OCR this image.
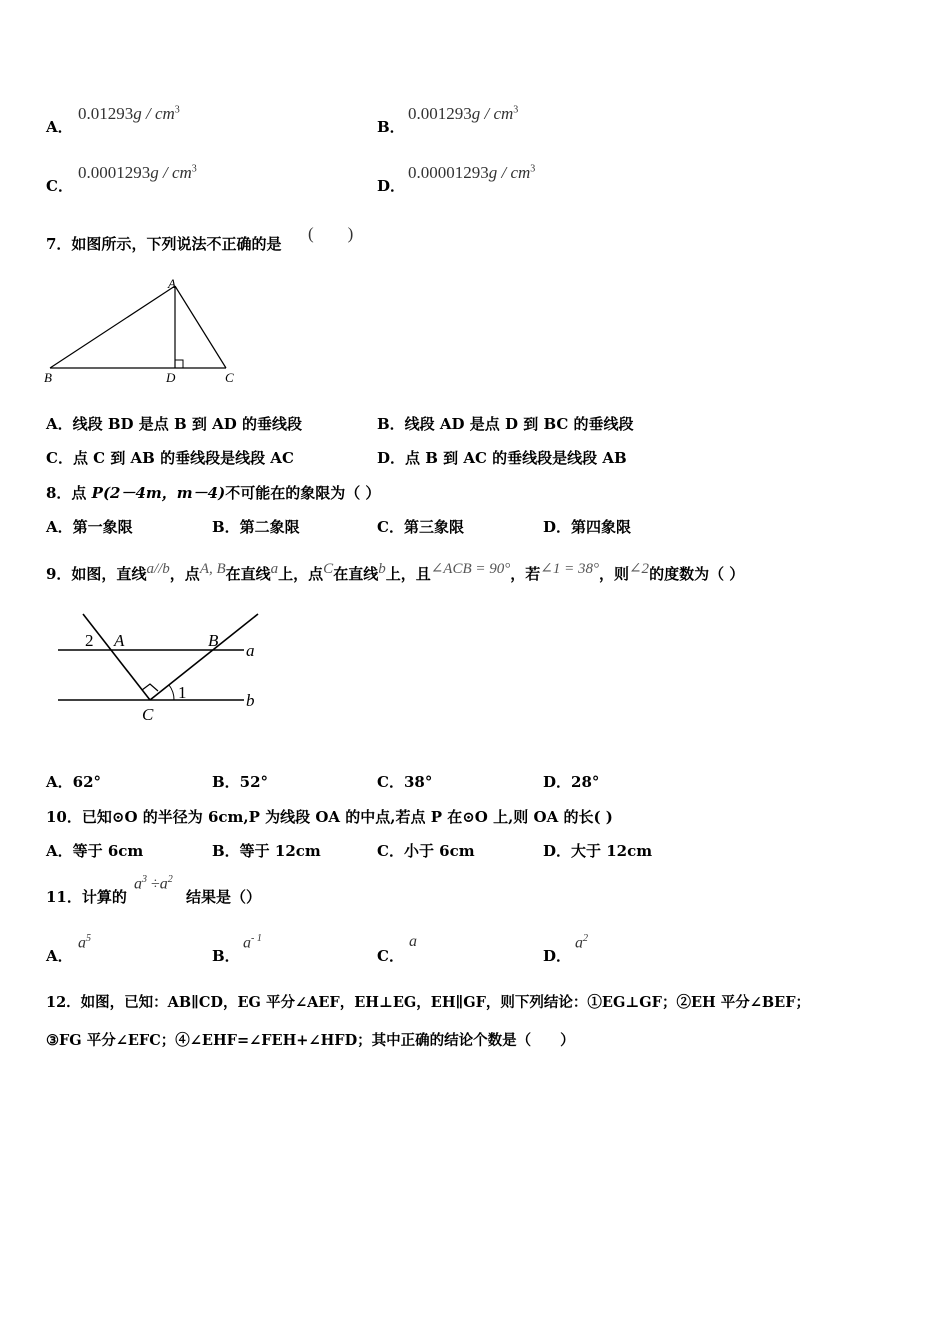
A．
$0.01293g / cm^3$
B．
$0.001293g / cm^3$
C．
$0.0001293g / cm^3$
D．
$0.00001293g / cm^3$
7．如图所示，下列说法不正确的是
(　　)
A
B	D	C
A．线段 BD 是点 B 到 AD 的垂线段	B．线段 AD 是点 D 到 BC 的垂线段
C．点 C 到 AB 的垂线段是线段 AC	D．点 B 到 AC 的垂线段是线段 AB
8．点 P(2－4m，m－4)不可能在的象限为（ ）
A．第一象限	B．第二象限	C．第三象限	D．第四象限
9．如图，直线a//b，点A, B在直线a上，点C在直线b上，且∠ACB = 90°，若∠1 = 38°，则∠2的度数为（ ）
2 A	B
a
1	b
C
A．62°	B．52°	C．38°	D．28°
10．已知⊙O 的半径为 6cm,P 为线段 OA 的中点,若点 P 在⊙O 上,则 OA 的长( )
A．等于 6cm	B．等于 12cm	C．小于 6cm	D．大于 12cm
11．计算的
$a^3 \div a^2$
结果是（）
A．
$a^5$
B．
$a^{- 1}$
C．
a
D．
$a^2$
12．如图，已知：AB∥CD，EG 平分∠AEF，EH⊥EG，EH∥GF，则下列结论：①EG⊥GF；②EH 平分∠BEF；
③FG 平分∠EFC；④∠EHF=∠FEH+∠HFD；其中正确的结论个数是（　　）
